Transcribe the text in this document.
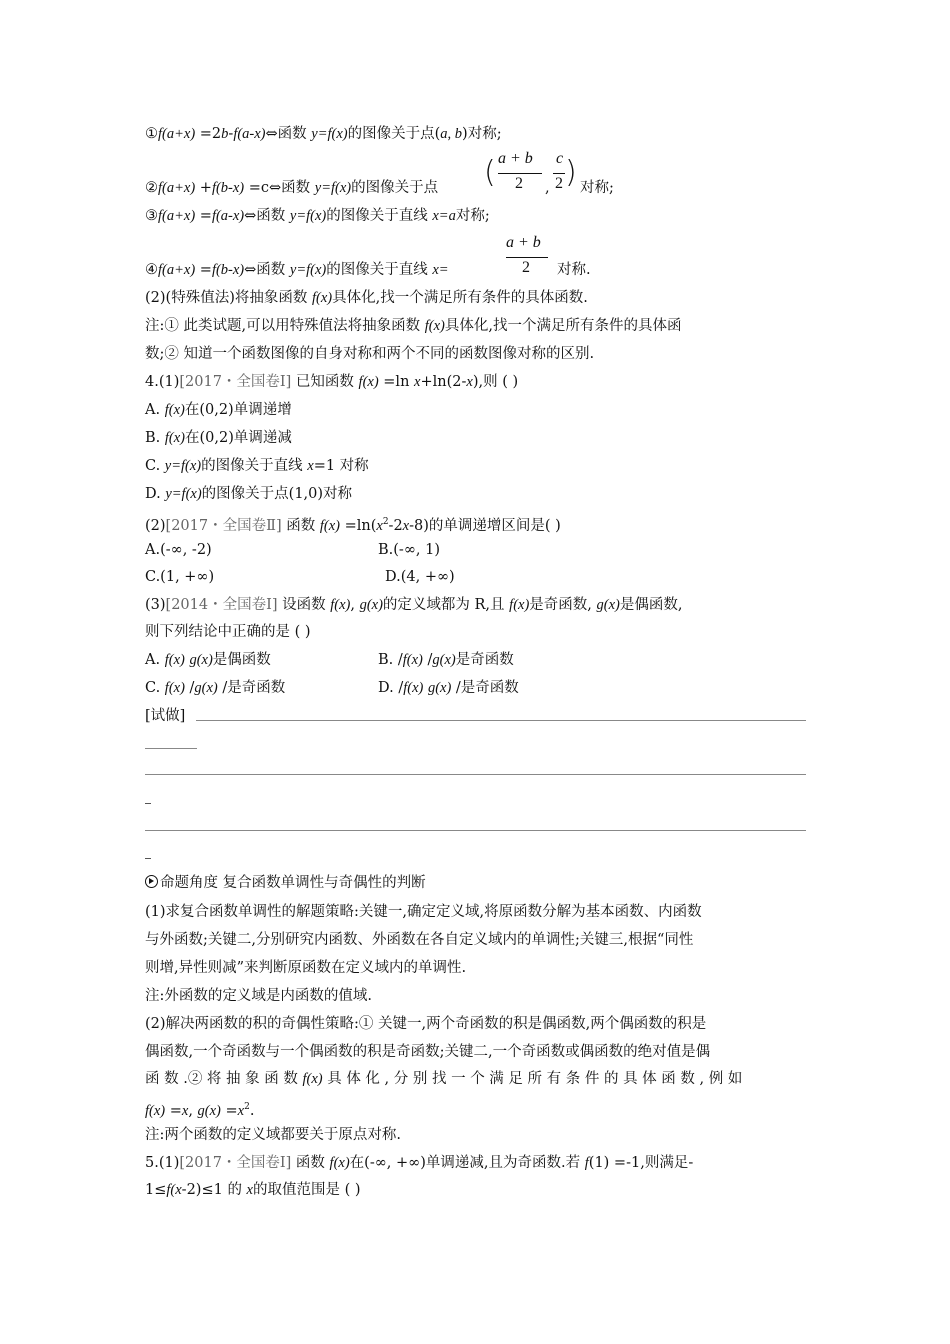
①f(a+x) =2b-f(a-x)⇔函数 y=f(x)的图像关于点(a, b)对称;
②f(a+x) +f(b-x) =c⇔函数 y=f(x)的图像关于点 ( a + b
2 ,
c
2 ) 对称;
③f(a+x) =f(a-x)⇔函数 y=f(x)的图像关于直线 x=a对称;
④f(a+x) =f(b-x)⇔函数 y=f(x)的图像关于直线 x=
a + b
2 对称.
(2)(特殊值法)将抽象函数 f(x)具体化,找一个满足所有条件的具体函数.
注:① 此类试题,可以用特殊值法将抽象函数 f(x)具体化,找一个满足所有条件的具体函
数;② 知道一个函数图像的自身对称和两个不同的函数图像对称的区别.
4.(1)[2017・全国卷Ⅰ] 已知函数 f(x) =ln x+ln(2-x),则 ( )
A. f(x)在(0,2)单调递增
B. f(x)在(0,2)单调递减
C. y=f(x)的图像关于直线 x=1 对称
D. y=f(x)的图像关于点(1,0)对称
(2)[2017・全国卷Ⅱ] 函数 $f(x) =\ln(x^2-2x-8)$的单调递增区间是( )
A.(-∞, -2)	B.(-∞, 1)
C.(1, +∞)	D.(4, +∞)
(3)[2014・全国卷Ⅰ] 设函数 f(x), g(x)的定义域都为 R,且 f(x)是奇函数, g(x)是偶函数,
则下列结论中正确的是 ( )
A. f(x) g(x)是偶函数	B. /f(x) /g(x)是奇函数
C. f(x) /g(x) /是奇函数	D. /f(x) g(x) /是奇函数
[试做]
命题角度 复合函数单调性与奇偶性的判断
(1)求复合函数单调性的解题策略:关键一,确定定义域,将原函数分解为基本函数、内函数
与外函数;关键二,分别研究内函数、外函数在各自定义域内的单调性;关键三,根据“同性
则增,异性则减”来判断原函数在定义域内的单调性.
注:外函数的定义域是内函数的值域.
(2)解决两函数的积的奇偶性策略:① 关键一,两个奇函数的积是偶函数,两个偶函数的积是
偶函数,一个奇函数与一个偶函数的积是奇函数;关键二,一个奇函数或偶函数的绝对值是偶
函 数 .② 将 抽 象 函 数 f(x) 具 体 化 , 分 别 找 一 个 满 足 所 有 条 件 的 具 体 函 数 , 例 如
f(x) =x, $g(x) =x^2$.
注:两个函数的定义域都要关于原点对称.
5.(1)[2017・全国卷Ⅰ] 函数 f(x)在(-∞, +∞)单调递减,且为奇函数.若 f(1) =-1,则满足-
1≤f(x-2)≤1 的 x的取值范围是 ( )
